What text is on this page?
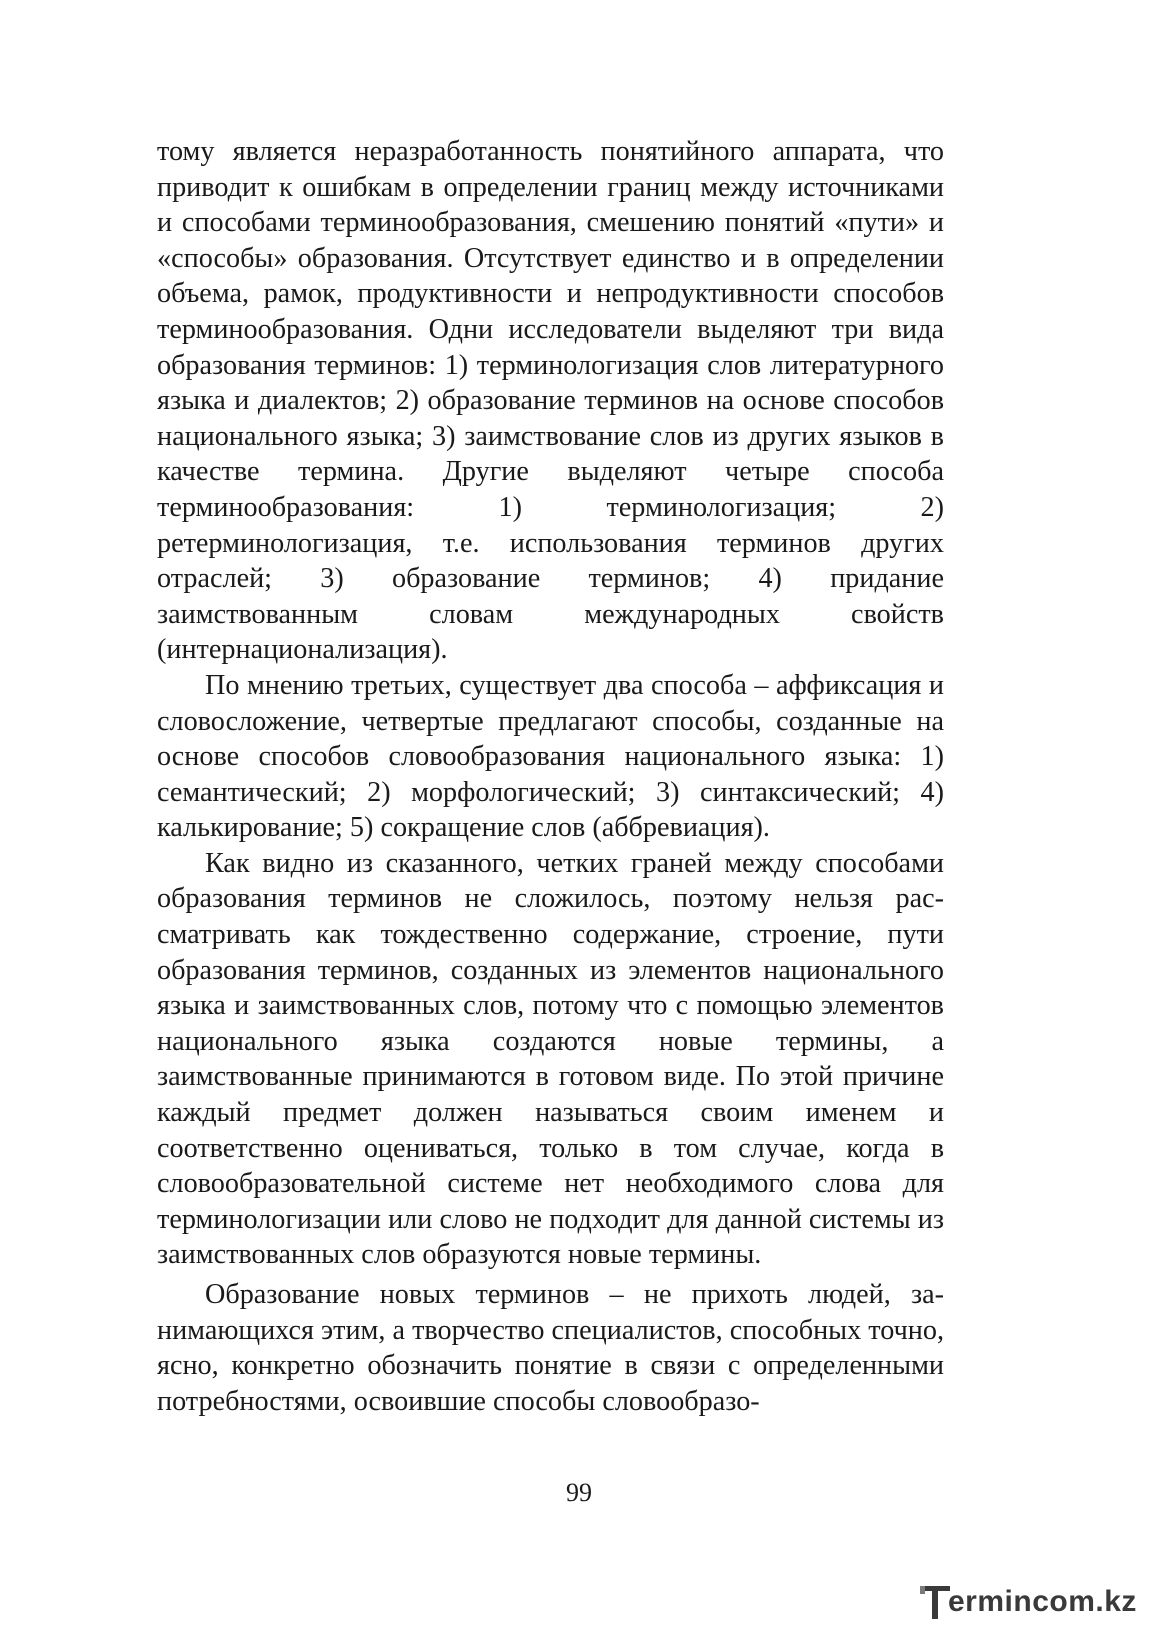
тому является неразработанность понятийного аппарата, что приводит к ошибкам в определении границ между источниками и способами терминообразования, смешению понятий «пути» и «способы» образования. Отсутствует единство и в определении объема, рамок, продуктивности и непродуктивности способов терминообразования. Одни исследователи выделяют три вида образования терминов: 1) терминологизация слов литературного языка и диалектов; 2) образование терминов на основе способов национального языка; 3) заимствование слов из других языков в качестве термина. Другие выделяют четыре способа терминообразования: 1) терминологизация; 2) ретерминологизация, т.е. использования терминов других отраслей; 3) образование терминов; 4) придание заимствованным словам международных свойств (интернационализация).

По мнению третьих, существует два способа – аффиксация и словосложение, четвертые предлагают способы, созданные на основе способов словообразования национального языка: 1) семантический; 2) морфологический; 3) синтаксический; 4) калькирование; 5) сокращение слов (аббревиация).

Как видно из сказанного, четких граней между способами образования терминов не сложилось, поэтому нельзя рассматривать как тождественно содержание, строение, пути образования терминов, созданных из элементов национального языка и заимствованных слов, потому что с помощью элементов национального языка создаются новые термины, а заимствованные принимаются в готовом виде. По этой причине каждый предмет должен называться своим именем и соответственно оцениваться, только в том случае, когда в словообразовательной системе нет необходимого слова для терминологизации или слово не подходит для данной системы из заимствованных слов образуются новые термины.

Образование новых терминов – не прихоть людей, занимающихся этим, а творчество специалистов, способных точно, ясно, конкретно обозначить понятие в связи с определенными потребностями, освоившие способы словообразо-

99
ermincom.kz
